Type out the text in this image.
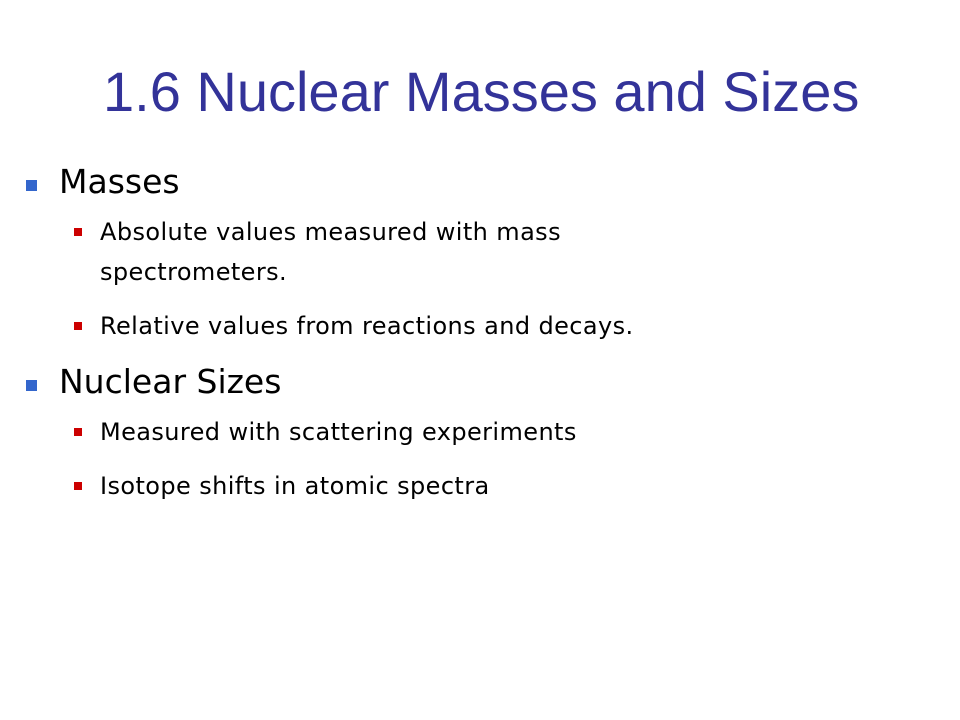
1.6 Nuclear Masses and Sizes

Masses

Absolute values measured with mass spectrometers.

Relative values from reactions and decays.

Nuclear Sizes

Measured with scattering experiments

Isotope shifts in atomic spectra
